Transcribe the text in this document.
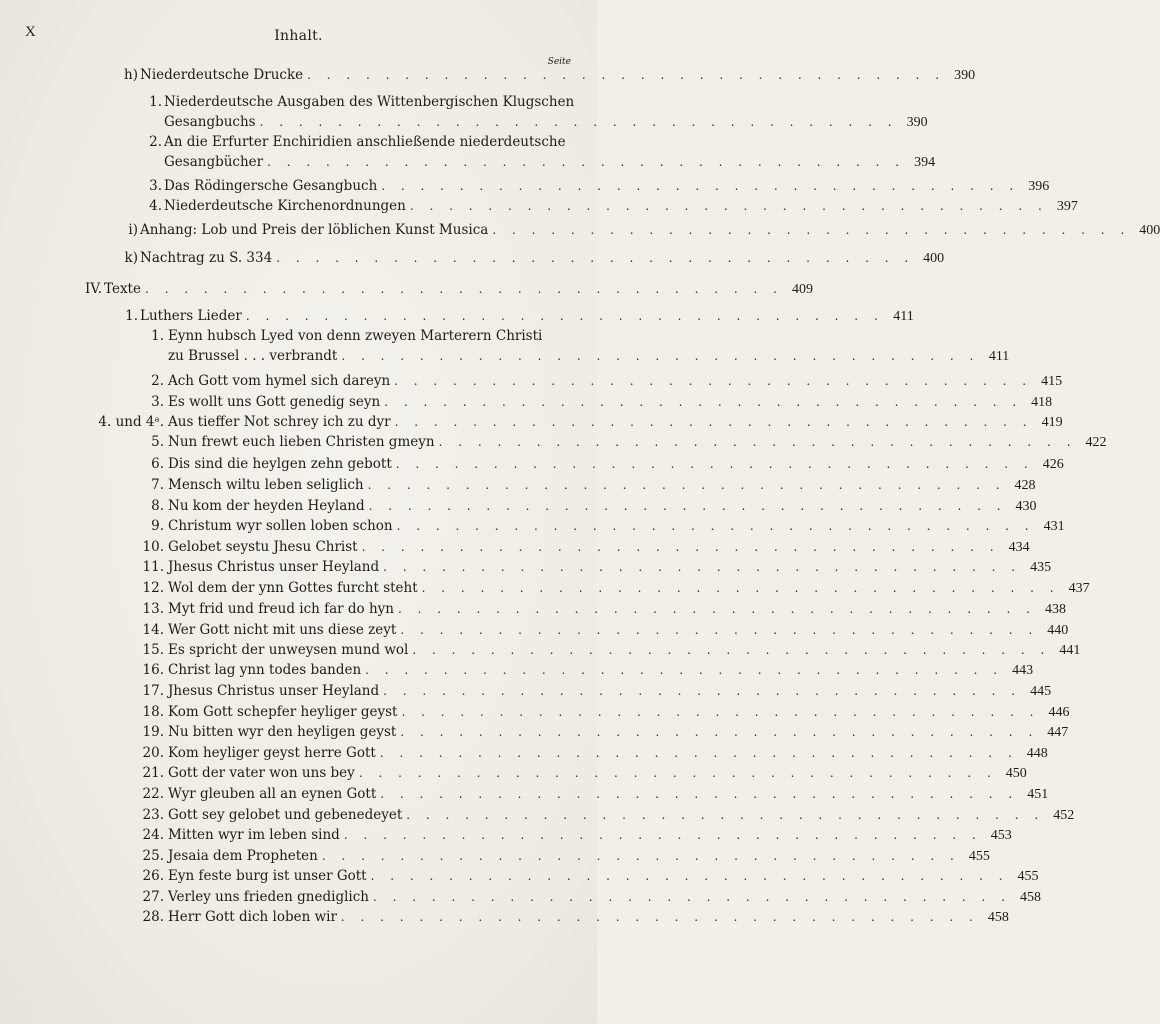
X	Inhalt.
Seite
h) Niederdeutsche Drucke . . . . . . . . . . . . . . . . . . . . . . . . . . . . . . . . . 390
1. Niederdeutsche Ausgaben des Wittenbergischen Klugschen
Gesangbuchs . . . . . . . . . . . . . . . . . . . . . . . . . . . . . . . . . 390
2. An die Erfurter Enchiridien anschließende niederdeutsche
Gesangbücher . . . . . . . . . . . . . . . . . . . . . . . . . . . . . . . . . 394
3. Das Rödingersche Gesangbuch . . . . . . . . . . . . . . . . . . . . . . . . . . . . . . . . . 396
4. Niederdeutsche Kirchenordnungen . . . . . . . . . . . . . . . . . . . . . . . . . . . . . . . . . 397
i) Anhang: Lob und Preis der löblichen Kunst Musica . . . . . . . . . . . . . . . . . . . . . . . . . . . . . . . . . 400
k) Nachtrag zu S. 334 . . . . . . . . . . . . . . . . . . . . . . . . . . . . . . . . . 400
IV. Texte . . . . . . . . . . . . . . . . . . . . . . . . . . . . . . . . . 409
1. Luthers Lieder . . . . . . . . . . . . . . . . . . . . . . . . . . . . . . . . . 411
1. Eynn hubsch Lyed von denn zweyen Marterern Christi
zu Brussel . . . verbrandt . . . . . . . . . . . . . . . . . . . . . . . . . . . . . . . . . 411
2. Ach Gott vom hymel sich dareyn . . . . . . . . . . . . . . . . . . . . . . . . . . . . . . . . . 415
3. Es wollt uns Gott genedig seyn . . . . . . . . . . . . . . . . . . . . . . . . . . . . . . . . . 418
4. und 4ᵃ. Aus tieffer Not schrey ich zu dyr . . . . . . . . . . . . . . . . . . . . . . . . . . . . . . . . . 419
5. Nun frewt euch lieben Christen gmeyn . . . . . . . . . . . . . . . . . . . . . . . . . . . . . . . . . 422
6. Dis sind die heylgen zehn gebott . . . . . . . . . . . . . . . . . . . . . . . . . . . . . . . . . 426
7. Mensch wiltu leben seliglich . . . . . . . . . . . . . . . . . . . . . . . . . . . . . . . . . 428
8. Nu kom der heyden Heyland . . . . . . . . . . . . . . . . . . . . . . . . . . . . . . . . . 430
9. Christum wyr sollen loben schon . . . . . . . . . . . . . . . . . . . . . . . . . . . . . . . . . 431
10. Gelobet seystu Jhesu Christ . . . . . . . . . . . . . . . . . . . . . . . . . . . . . . . . . 434
11. Jhesus Christus unser Heyland . . . . . . . . . . . . . . . . . . . . . . . . . . . . . . . . . 435
12. Wol dem der ynn Gottes furcht steht . . . . . . . . . . . . . . . . . . . . . . . . . . . . . . . . . 437
13. Myt frid und freud ich far do hyn . . . . . . . . . . . . . . . . . . . . . . . . . . . . . . . . . 438
14. Wer Gott nicht mit uns diese zeyt . . . . . . . . . . . . . . . . . . . . . . . . . . . . . . . . . 440
15. Es spricht der unweysen mund wol . . . . . . . . . . . . . . . . . . . . . . . . . . . . . . . . . 441
16. Christ lag ynn todes banden . . . . . . . . . . . . . . . . . . . . . . . . . . . . . . . . . 443
17. Jhesus Christus unser Heyland . . . . . . . . . . . . . . . . . . . . . . . . . . . . . . . . . 445
18. Kom Gott schepfer heyliger geyst . . . . . . . . . . . . . . . . . . . . . . . . . . . . . . . . . 446
19. Nu bitten wyr den heyligen geyst . . . . . . . . . . . . . . . . . . . . . . . . . . . . . . . . . 447
20. Kom heyliger geyst herre Gott . . . . . . . . . . . . . . . . . . . . . . . . . . . . . . . . . 448
21. Gott der vater won uns bey . . . . . . . . . . . . . . . . . . . . . . . . . . . . . . . . . 450
22. Wyr gleuben all an eynen Gott . . . . . . . . . . . . . . . . . . . . . . . . . . . . . . . . . 451
23. Gott sey gelobet und gebenedeyet . . . . . . . . . . . . . . . . . . . . . . . . . . . . . . . . . 452
24. Mitten wyr im leben sind . . . . . . . . . . . . . . . . . . . . . . . . . . . . . . . . . 453
25. Jesaia dem Propheten . . . . . . . . . . . . . . . . . . . . . . . . . . . . . . . . . 455
26. Eyn feste burg ist unser Gott . . . . . . . . . . . . . . . . . . . . . . . . . . . . . . . . . 455
27. Verley uns frieden gnediglich . . . . . . . . . . . . . . . . . . . . . . . . . . . . . . . . . 458
28. Herr Gott dich loben wir . . . . . . . . . . . . . . . . . . . . . . . . . . . . . . . . . 458
